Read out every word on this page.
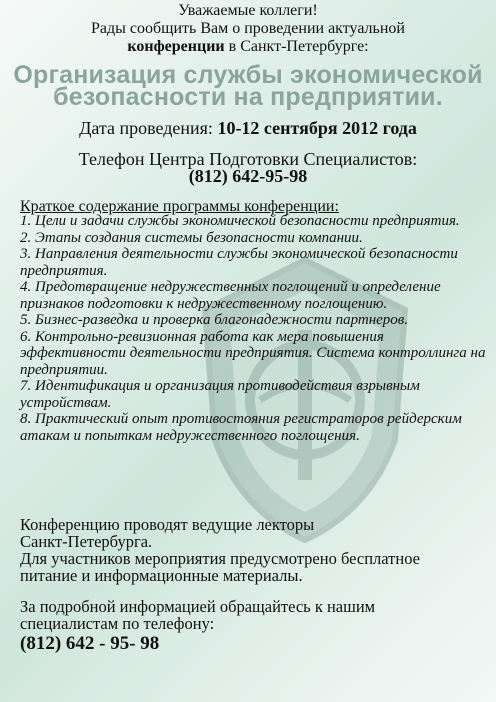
Уважаемые коллеги!

Рады сообщить Вам о проведении актуальной

конференции в Санкт-Петербурге:

Организация службы экономической

безопасности на предприятии.

Дата проведения: 10-12 сентября 2012 года

Телефон Центра Подготовки Специалистов:

(812) 642-95-98

Краткое содержание программы конференции:

1. Цели и задачи службы экономической безопасности предприятия.
2. Этапы создания системы безопасности компании.
3. Направления деятельности службы экономической безопасности предприятия.
4. Предотвращение недружественных поглощений и определение признаков подготовки к недружественному поглощению.
5. Бизнес-разведка и проверка благонадежности партнеров.
6. Контрольно-ревизионная работа как мера повышения эффективности деятельности предприятия. Система контроллинга на предприятии.
7. Идентификация и организация противодействия взрывным устройствам.
8. Практический опыт противостояния регистраторов рейдерским атакам и попыткам недружественного поглощения.
Конференцию проводят ведущие лекторы
Санкт-Петербурга.
Для участников мероприятия предусмотрено бесплатное
питание и информационные материалы.
За подробной информацией обращайтесь к нашим
специалистам по телефону:
(812) 642 - 95- 98
